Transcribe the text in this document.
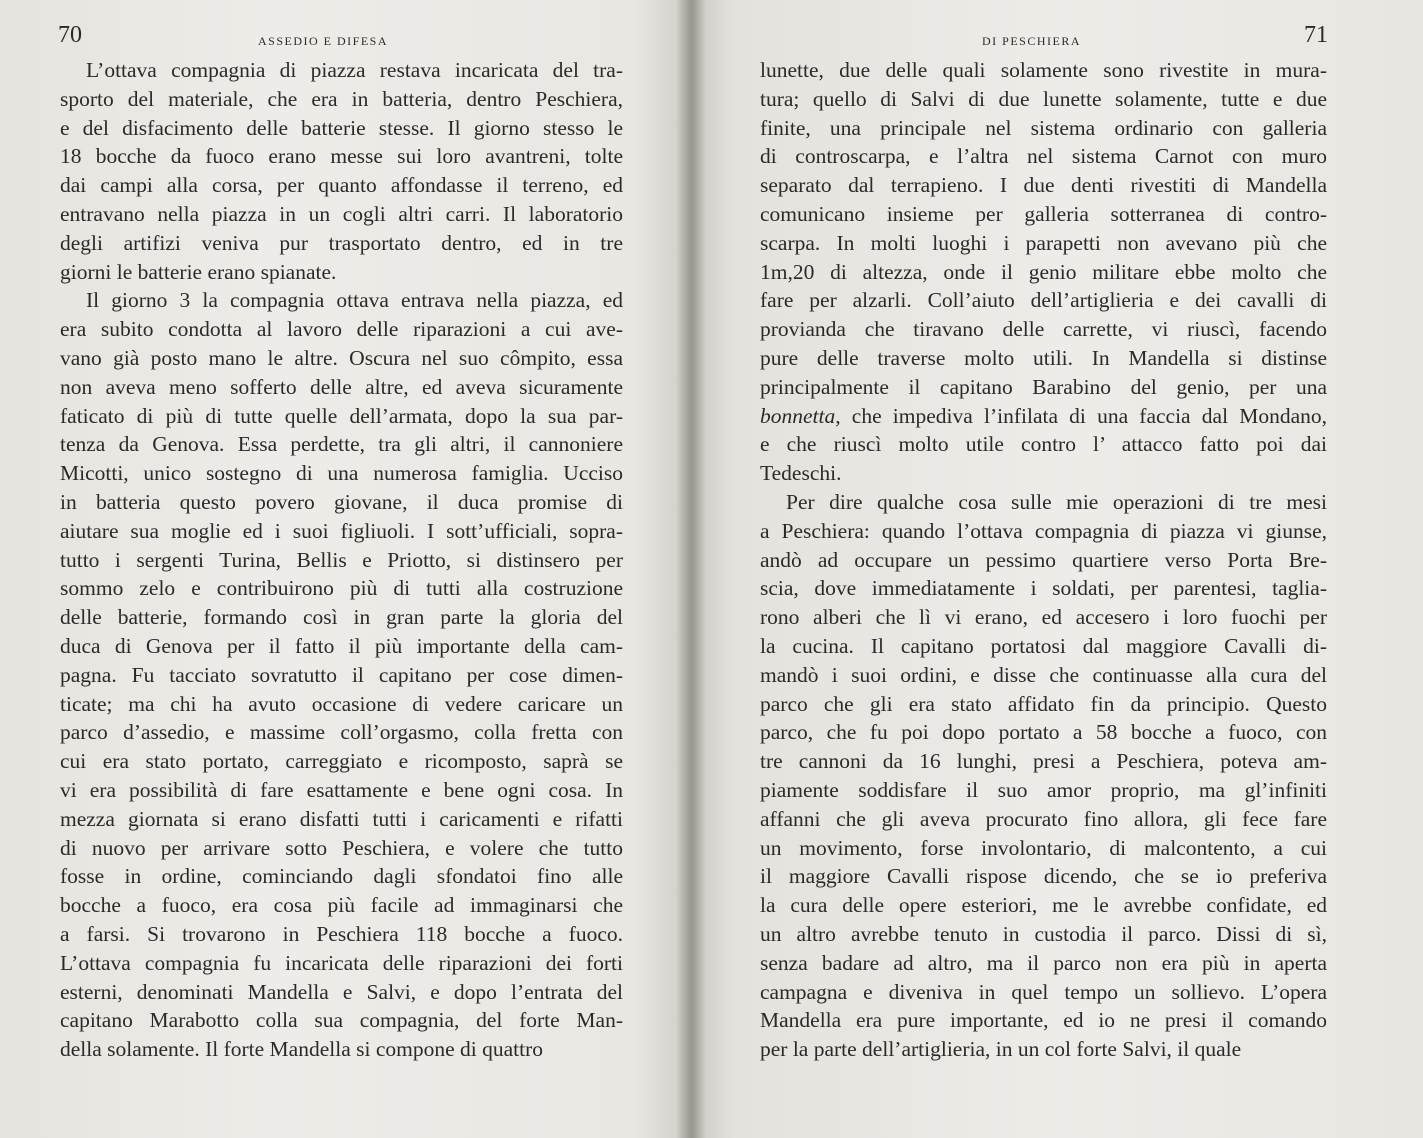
70	ASSEDIO E DIFESA
L’ottava compagnia di piazza restava incaricata del tra-
sporto del materiale, che era in batteria, dentro Peschiera,
e del disfacimento delle batterie stesse. Il giorno stesso le
18 bocche da fuoco erano messe sui loro avantreni, tolte
dai campi alla corsa, per quanto affondasse il terreno, ed
entravano nella piazza in un cogli altri carri. Il laboratorio
degli artifizi veniva pur trasportato dentro, ed in tre
giorni le batterie erano spianate.
Il giorno 3 la compagnia ottava entrava nella piazza, ed
era subito condotta al lavoro delle riparazioni a cui ave-
vano già posto mano le altre. Oscura nel suo cômpito, essa
non aveva meno sofferto delle altre, ed aveva sicuramente
faticato di più di tutte quelle dell’armata, dopo la sua par-
tenza da Genova. Essa perdette, tra gli altri, il cannoniere
Micotti, unico sostegno di una numerosa famiglia. Ucciso
in batteria questo povero giovane, il duca promise di
aiutare sua moglie ed i suoi figliuoli. I sott’ufficiali, sopra-
tutto i sergenti Turina, Bellis e Priotto, si distinsero per
sommo zelo e contribuirono più di tutti alla costruzione
delle batterie, formando così in gran parte la gloria del
duca di Genova per il fatto il più importante della cam-
pagna. Fu tacciato sovratutto il capitano per cose dimen-
ticate; ma chi ha avuto occasione di vedere caricare un
parco d’assedio, e massime coll’orgasmo, colla fretta con
cui era stato portato, carreggiato e ricomposto, saprà se
vi era possibilità di fare esattamente e bene ogni cosa. In
mezza giornata si erano disfatti tutti i caricamenti e rifatti
di nuovo per arrivare sotto Peschiera, e volere che tutto
fosse in ordine, cominciando dagli sfondatoi fino alle
bocche a fuoco, era cosa più facile ad immaginarsi che
a farsi. Si trovarono in Peschiera 118 bocche a fuoco.
L’ottava compagnia fu incaricata delle riparazioni dei forti
esterni, denominati Mandella e Salvi, e dopo l’entrata del
capitano Marabotto colla sua compagnia, del forte Man-
della solamente. Il forte Mandella si compone di quattro
DI PESCHIERA	71
lunette, due delle quali solamente sono rivestite in mura-
tura; quello di Salvi di due lunette solamente, tutte e due
finite, una principale nel sistema ordinario con galleria
di controscarpa, e l’altra nel sistema Carnot con muro
separato dal terrapieno. I due denti rivestiti di Mandella
comunicano insieme per galleria sotterranea di contro-
scarpa. In molti luoghi i parapetti non avevano più che
1m,20 di altezza, onde il genio militare ebbe molto che
fare per alzarli. Coll’aiuto dell’artiglieria e dei cavalli di
provianda che tiravano delle carrette, vi riuscì, facendo
pure delle traverse molto utili. In Mandella si distinse
principalmente il capitano Barabino del genio, per una
bonnetta, che impediva l’infilata di una faccia dal Mondano,
e che riuscì molto utile contro l’ attacco fatto poi dai
Tedeschi.
Per dire qualche cosa sulle mie operazioni di tre mesi
a Peschiera: quando l’ottava compagnia di piazza vi giunse,
andò ad occupare un pessimo quartiere verso Porta Bre-
scia, dove immediatamente i soldati, per parentesi, taglia-
rono alberi che lì vi erano, ed accesero i loro fuochi per
la cucina. Il capitano portatosi dal maggiore Cavalli di-
mandò i suoi ordini, e disse che continuasse alla cura del
parco che gli era stato affidato fin da principio. Questo
parco, che fu poi dopo portato a 58 bocche a fuoco, con
tre cannoni da 16 lunghi, presi a Peschiera, poteva am-
piamente soddisfare il suo amor proprio, ma gl’infiniti
affanni che gli aveva procurato fino allora, gli fece fare
un movimento, forse involontario, di malcontento, a cui
il maggiore Cavalli rispose dicendo, che se io preferiva
la cura delle opere esteriori, me le avrebbe confidate, ed
un altro avrebbe tenuto in custodia il parco. Dissi di sì,
senza badare ad altro, ma il parco non era più in aperta
campagna e diveniva in quel tempo un sollievo. L’opera
Mandella era pure importante, ed io ne presi il comando
per la parte dell’artiglieria, in un col forte Salvi, il quale
